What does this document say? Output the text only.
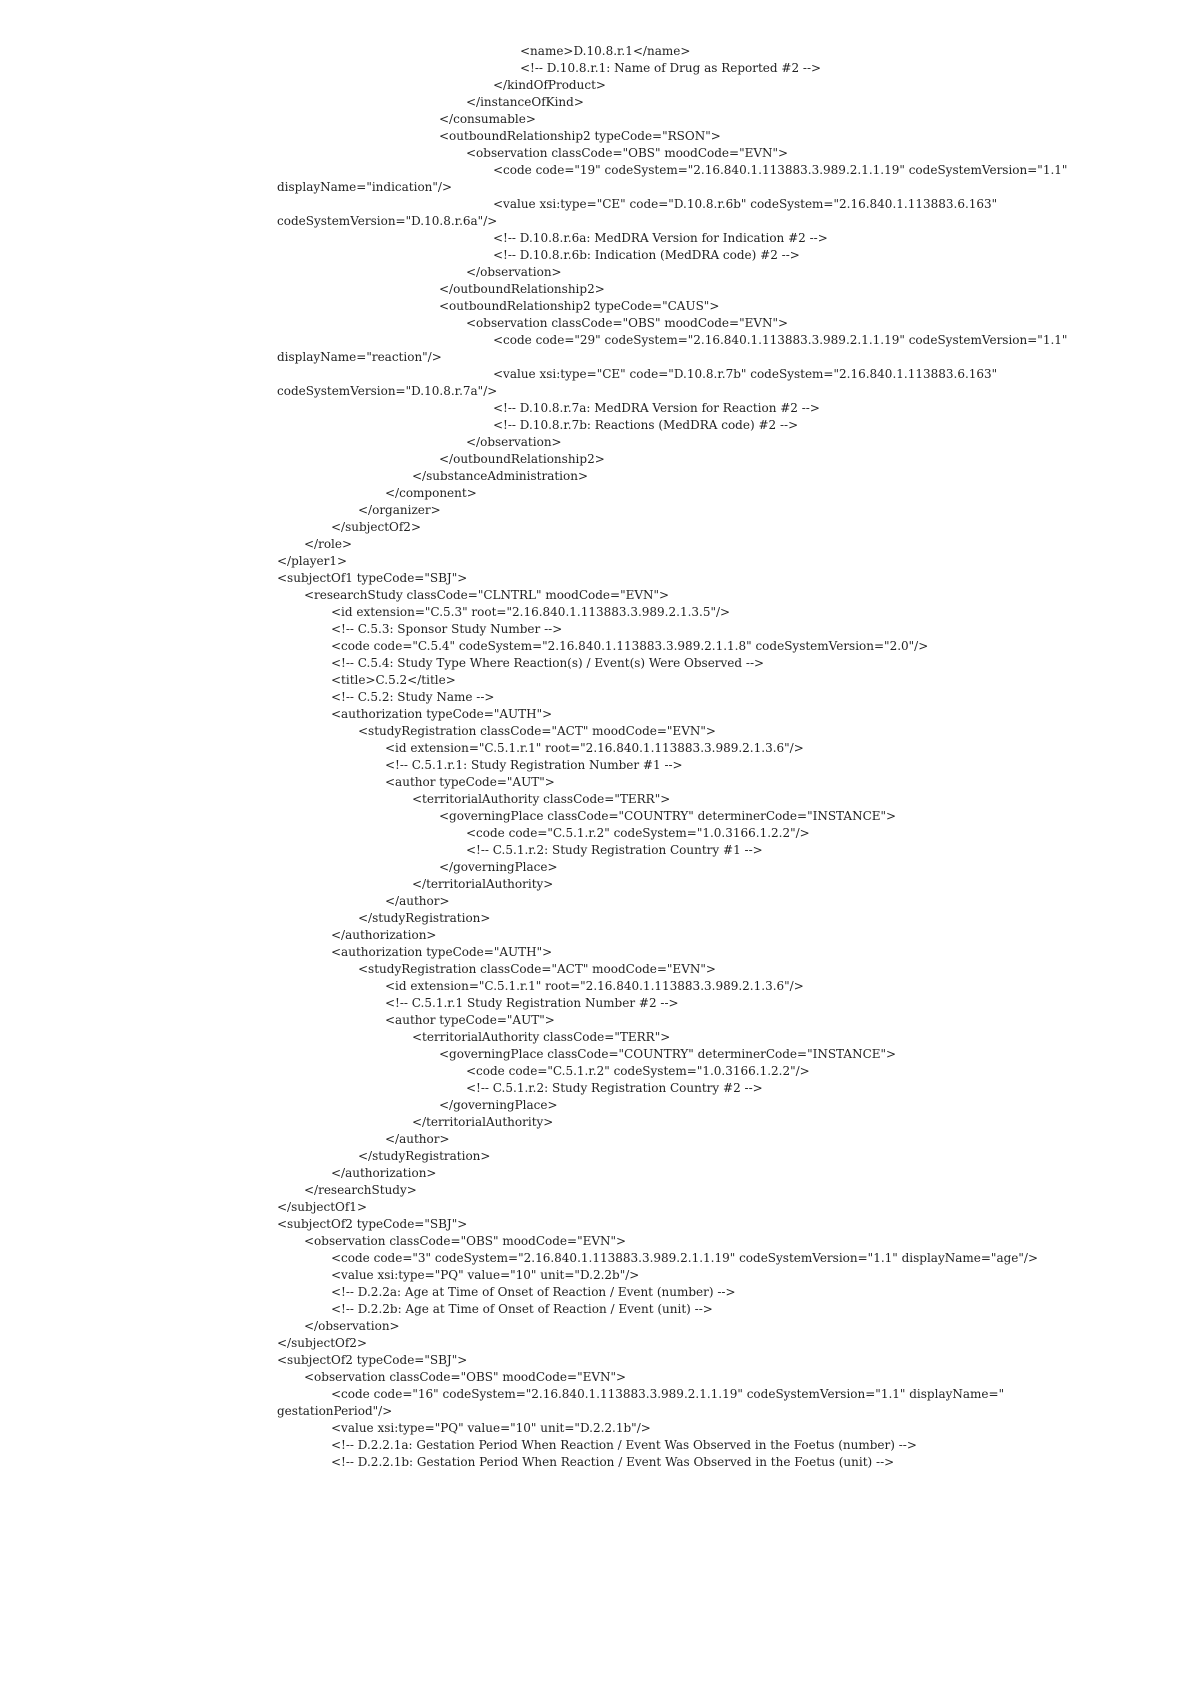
<name>D.10.8.r.1</name>
<!-- D.10.8.r.1: Name of Drug as Reported #2 -->
</kindOfProduct>
</instanceOfKind>
</consumable>
<outboundRelationship2 typeCode="RSON">
<observation classCode="OBS" moodCode="EVN">
<code code="19" codeSystem="2.16.840.1.113883.3.989.2.1.1.19" codeSystemVersion="1.1"
displayName="indication"/>
<value xsi:type="CE" code="D.10.8.r.6b" codeSystem="2.16.840.1.113883.6.163"
codeSystemVersion="D.10.8.r.6a"/>
<!-- D.10.8.r.6a: MedDRA Version for Indication #2 -->
<!-- D.10.8.r.6b: Indication (MedDRA code) #2 -->
</observation>
</outboundRelationship2>
<outboundRelationship2 typeCode="CAUS">
<observation classCode="OBS" moodCode="EVN">
<code code="29" codeSystem="2.16.840.1.113883.3.989.2.1.1.19" codeSystemVersion="1.1"
displayName="reaction"/>
<value xsi:type="CE" code="D.10.8.r.7b" codeSystem="2.16.840.1.113883.6.163"
codeSystemVersion="D.10.8.r.7a"/>
<!-- D.10.8.r.7a: MedDRA Version for Reaction #2 -->
<!-- D.10.8.r.7b: Reactions (MedDRA code) #2 -->
</observation>
</outboundRelationship2>
</substanceAdministration>
</component>
</organizer>
</subjectOf2>
</role>
</player1>
<subjectOf1 typeCode="SBJ">
<researchStudy classCode="CLNTRL" moodCode="EVN">
<id extension="C.5.3" root="2.16.840.1.113883.3.989.2.1.3.5"/>
<!-- C.5.3: Sponsor Study Number -->
<code code="C.5.4" codeSystem="2.16.840.1.113883.3.989.2.1.1.8" codeSystemVersion="2.0"/>
<!-- C.5.4: Study Type Where Reaction(s) / Event(s) Were Observed -->
<title>C.5.2</title>
<!-- C.5.2: Study Name -->
<authorization typeCode="AUTH">
<studyRegistration classCode="ACT" moodCode="EVN">
<id extension="C.5.1.r.1" root="2.16.840.1.113883.3.989.2.1.3.6"/>
<!-- C.5.1.r.1: Study Registration Number #1 -->
<author typeCode="AUT">
<territorialAuthority classCode="TERR">
<governingPlace classCode="COUNTRY" determinerCode="INSTANCE">
<code code="C.5.1.r.2" codeSystem="1.0.3166.1.2.2"/>
<!-- C.5.1.r.2: Study Registration Country #1 -->
</governingPlace>
</territorialAuthority>
</author>
</studyRegistration>
</authorization>
<authorization typeCode="AUTH">
<studyRegistration classCode="ACT" moodCode="EVN">
<id extension="C.5.1.r.1" root="2.16.840.1.113883.3.989.2.1.3.6"/>
<!-- C.5.1.r.1 Study Registration Number #2 -->
<author typeCode="AUT">
<territorialAuthority classCode="TERR">
<governingPlace classCode="COUNTRY" determinerCode="INSTANCE">
<code code="C.5.1.r.2" codeSystem="1.0.3166.1.2.2"/>
<!-- C.5.1.r.2: Study Registration Country #2 -->
</governingPlace>
</territorialAuthority>
</author>
</studyRegistration>
</authorization>
</researchStudy>
</subjectOf1>
<subjectOf2 typeCode="SBJ">
<observation classCode="OBS" moodCode="EVN">
<code code="3" codeSystem="2.16.840.1.113883.3.989.2.1.1.19" codeSystemVersion="1.1" displayName="age"/>
<value xsi:type="PQ" value="10" unit="D.2.2b"/>
<!-- D.2.2a: Age at Time of Onset of Reaction / Event (number) -->
<!-- D.2.2b: Age at Time of Onset of Reaction / Event (unit) -->
</observation>
</subjectOf2>
<subjectOf2 typeCode="SBJ">
<observation classCode="OBS" moodCode="EVN">
<code code="16" codeSystem="2.16.840.1.113883.3.989.2.1.1.19" codeSystemVersion="1.1" displayName="
gestationPeriod"/>
<value xsi:type="PQ" value="10" unit="D.2.2.1b"/>
<!-- D.2.2.1a: Gestation Period When Reaction / Event Was Observed in the Foetus (number) -->
<!-- D.2.2.1b: Gestation Period When Reaction / Event Was Observed in the Foetus (unit) -->
